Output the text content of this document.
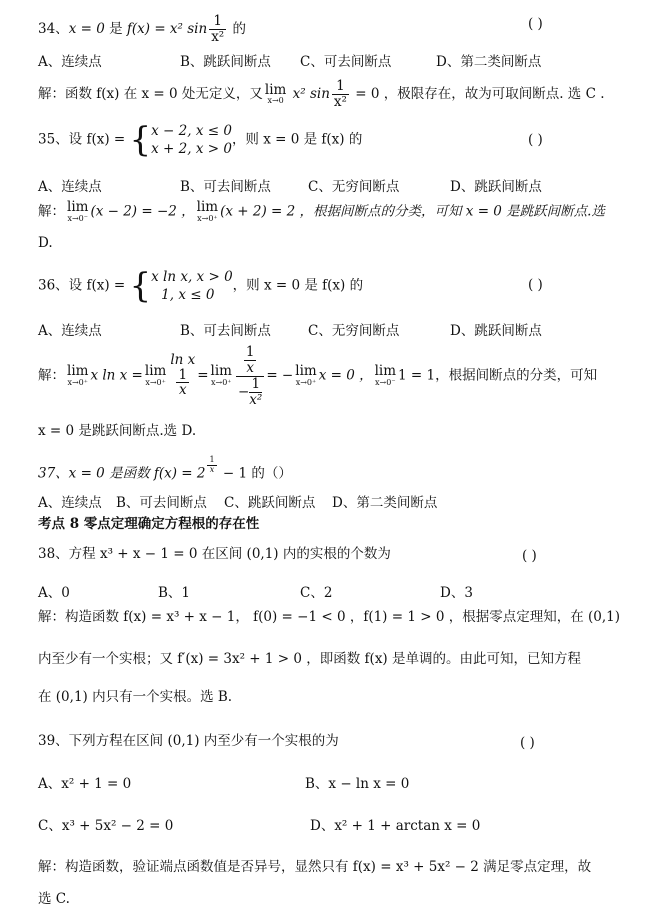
34、x = 0 是 f(x) = x² $\sin \frac{1}{\text{x²}}$ 的	( )
A、连续点	B、跳跃间断点 C、可去间断点	D、第二类间断点
解：函数 f(x) 在 x = 0 处无定义，又 lim
x→0 x² $\sin \frac{1}{\text{x²}} = 0$ ，极限存在，故为可取间断点. 选 C .
35、设 f(x) = { x − 2, x ≤ 0
x + 2, x > 0
，则 x = 0 是 f(x) 的	( )
A、连续点	B、可去间断点	C、无穷间断点	D、跳跃间断点
解： lim
x→0⁻ (x − 2) = −2 ， lim
x→0⁺ (x + 2) = 2 ，根据间断点的分类，可知 x = 0 是跳跃间断点.选
D.
36、设 f(x) = { x ln x, x > 0
1, x ≤ 0
，则 x = 0 是 f(x) 的	( )
A、连续点	B、可去间断点	C、无穷间断点	D、跳跃间断点
解： lim
x→0⁺ x ln x = lim
x→0⁺
ln x
$\frac{1}{x} = \lim$
$x\to 0^+ \frac{\frac{1}{x}}{- \frac{1}{\text{x²}}}$ = − lim
x→0⁺ x = 0 ， lim
x→0⁻ 1 = 1，根据间断点的分类，可知
x = 0 是跳跃间断点.选 D.
37、x = 0 是函数 f(x) = 2 $^{\frac{1}{x}}$ − 1 的（）
A、连续点 B、可去间断点 C、跳跃间断点 D、第二类间断点
考点 8 零点定理确定方程根的存在性
38、方程 x³ + x − 1 = 0 在区间 (0,1) 内的实根的个数为	( )
A、0	B、1	C、2	D、3
解：构造函数 f(x) = x³ + x − 1， f(0) = −1 < 0 ，f(1) = 1 > 0 ，根据零点定理知，在 (0,1)
内至少有一个实根；又 f′(x) = 3x² + 1 > 0 ，即函数 f(x) 是单调的。由此可知，已知方程
在 (0,1) 内只有一个实根。选 B.
39、下列方程在区间 (0,1) 内至少有一个实根的为	( )
A、x² + 1 = 0	B、x − ln x = 0
C、x³ + 5x² − 2 = 0	D、x² + 1 + arctan x = 0
解：构造函数，验证端点函数值是否异号，显然只有 f(x) = x³ + 5x² − 2 满足零点定理，故
选 C.
